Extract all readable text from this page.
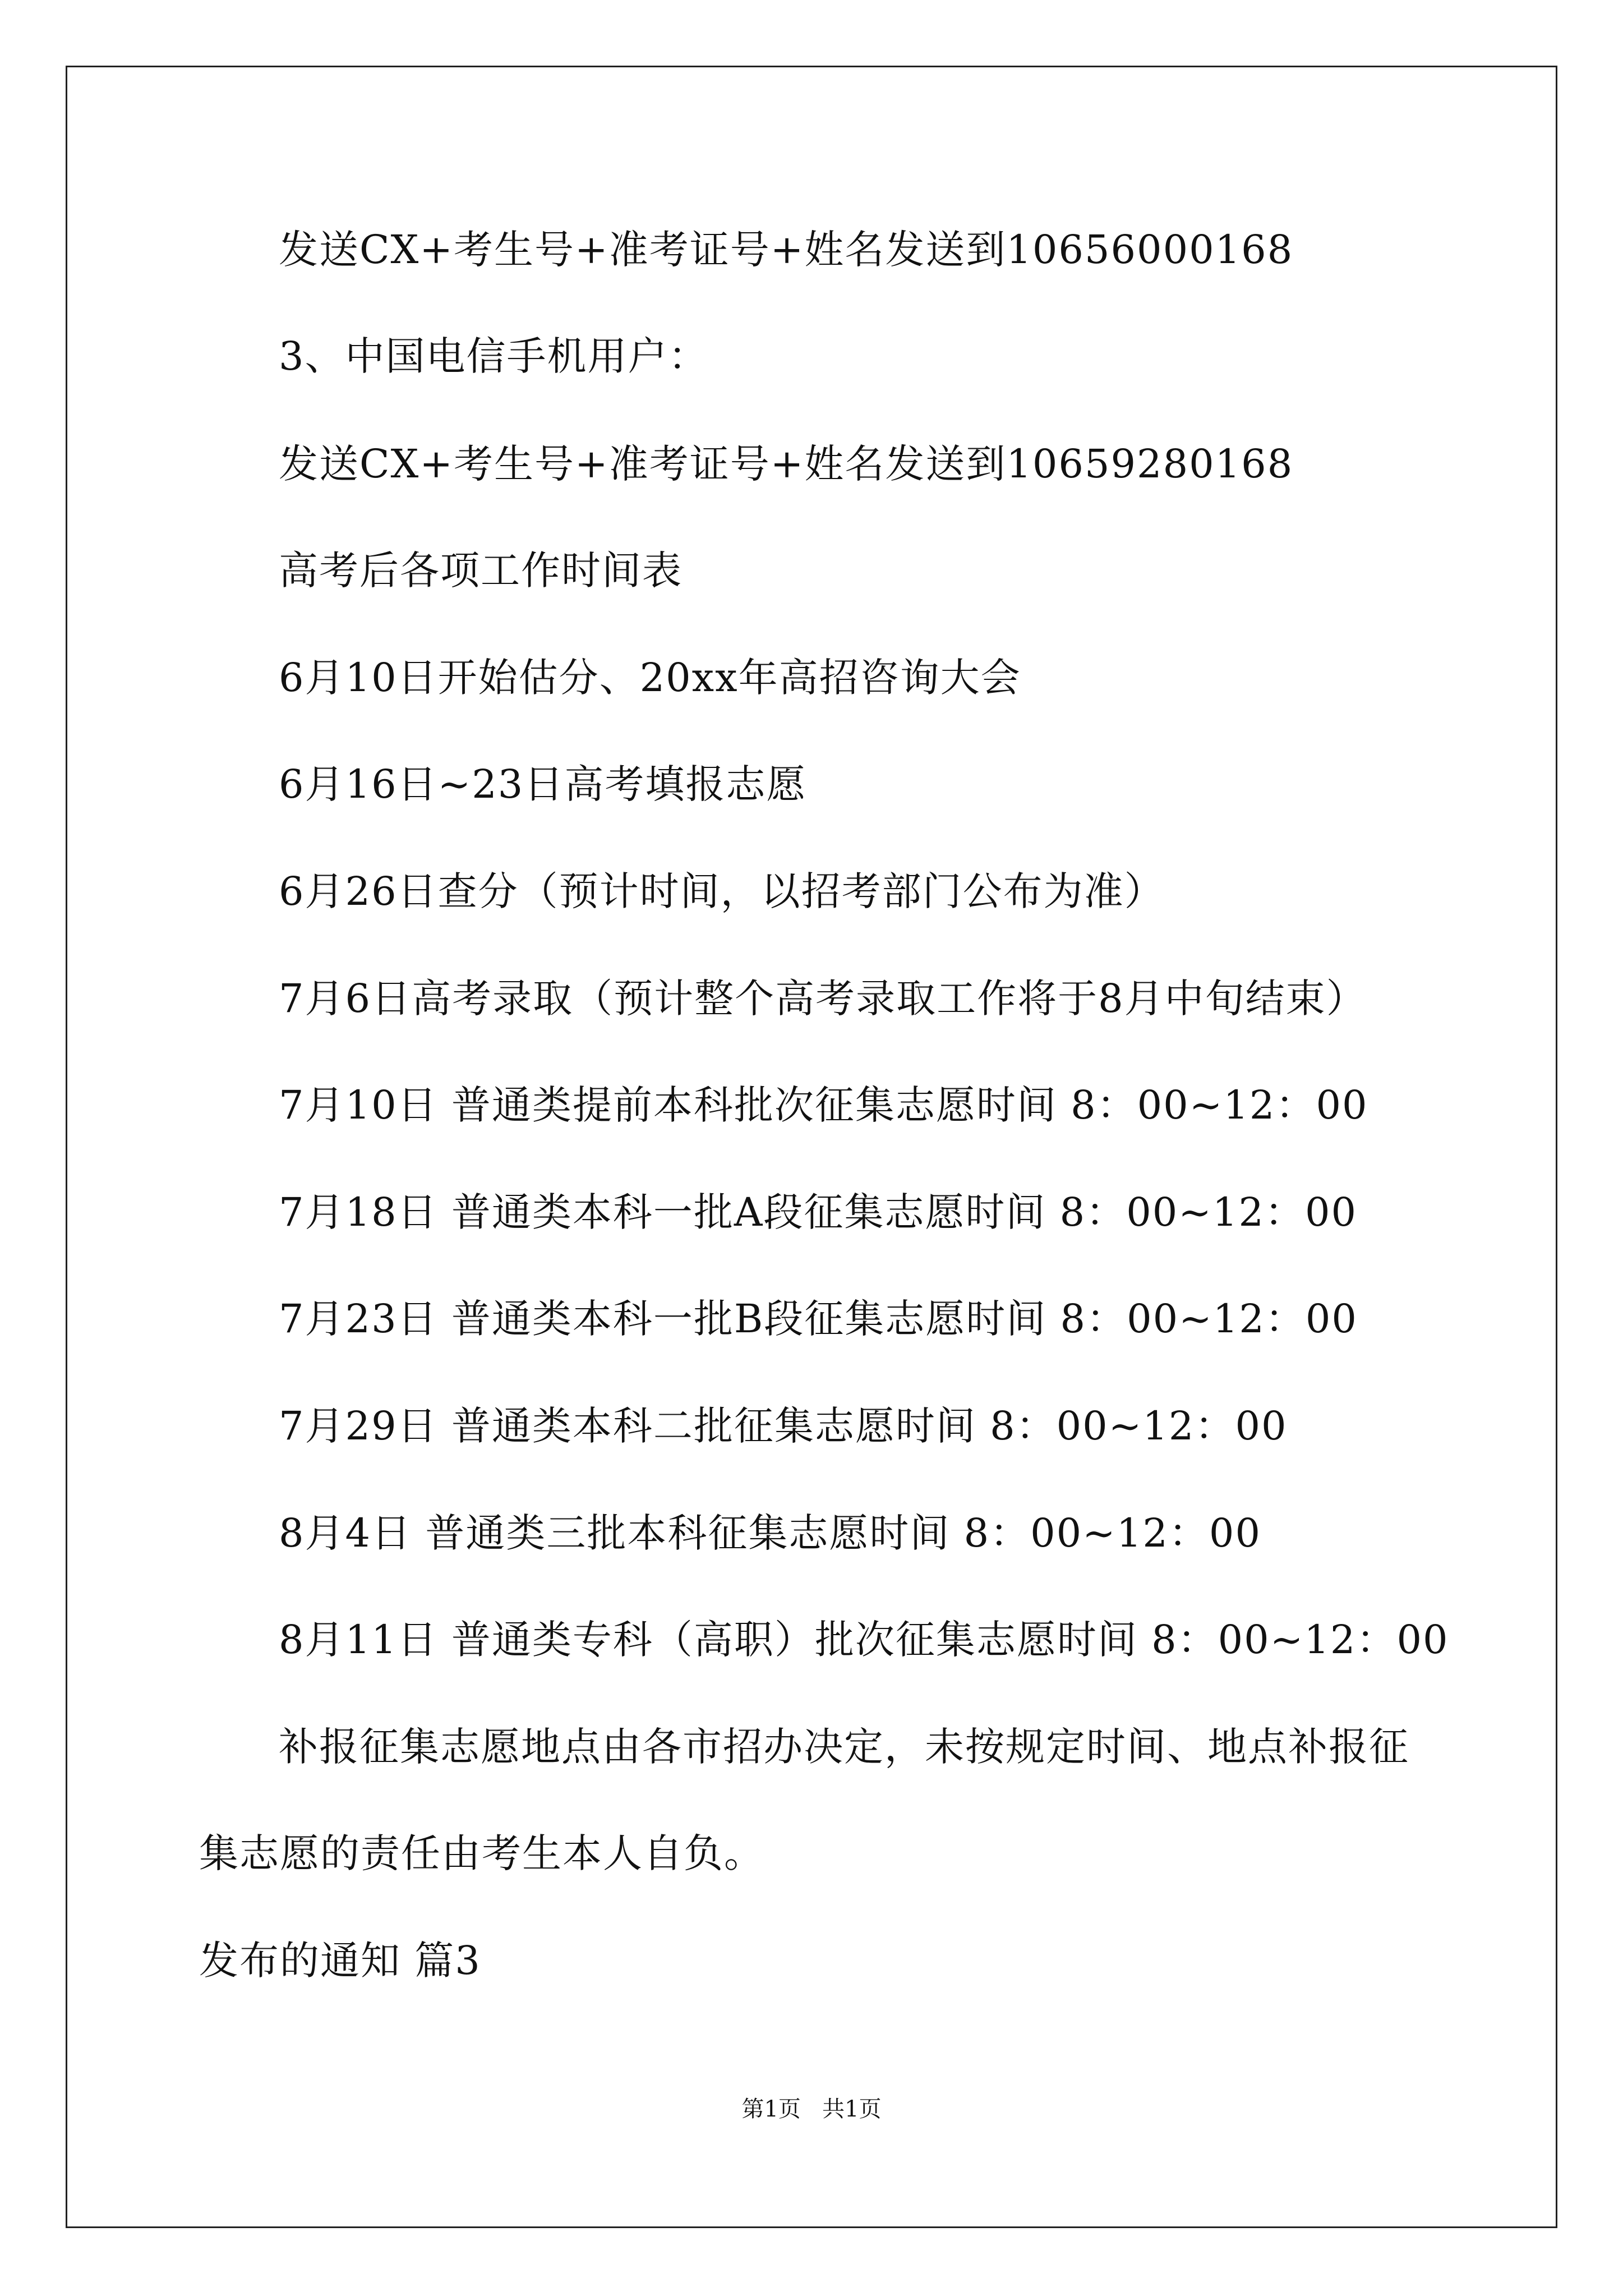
发送CX+考生号+准考证号+姓名发送到10656000168
3、中国电信手机用户：
发送CX+考生号+准考证号+姓名发送到10659280168
高考后各项工作时间表
6月10日开始估分、20xx年高招咨询大会
6月16日~23日高考填报志愿
6月26日查分（预计时间，以招考部门公布为准）
7月6日高考录取（预计整个高考录取工作将于8月中旬结束）
7月10日 普通类提前本科批次征集志愿时间 8：00~12：00
7月18日 普通类本科一批A段征集志愿时间 8：00~12：00
7月23日 普通类本科一批B段征集志愿时间 8：00~12：00
7月29日 普通类本科二批征集志愿时间 8：00~12：00
8月4日 普通类三批本科征集志愿时间 8：00~12：00
8月11日 普通类专科（高职）批次征集志愿时间 8：00~12：00
补报征集志愿地点由各市招办决定，未按规定时间、地点补报征
集志愿的责任由考生本人自负。
发布的通知 篇3
第1页   共1页
